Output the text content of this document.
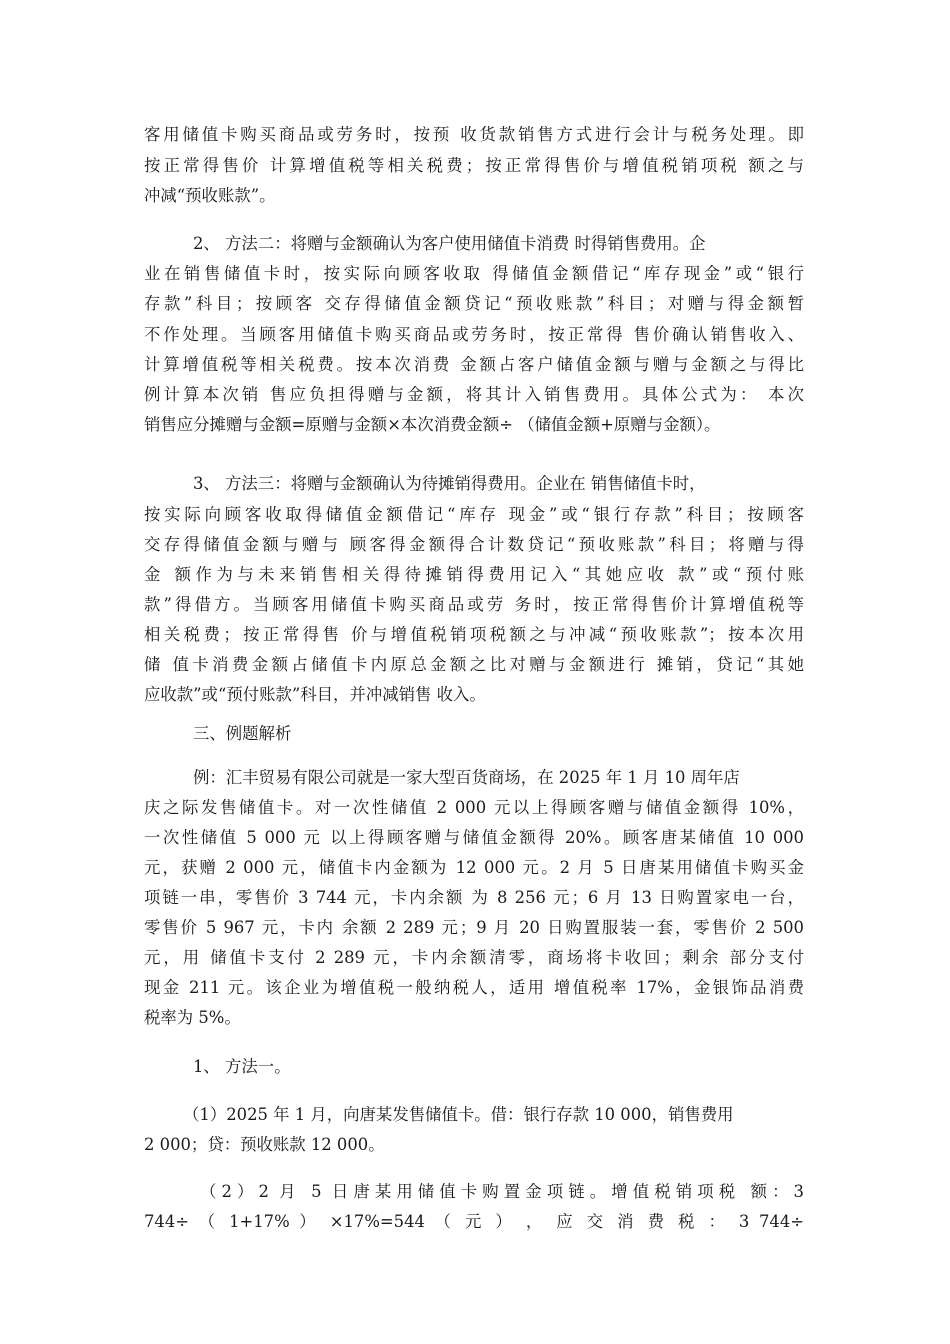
客用储值卡购买商品或劳务时，按预 收货款销售方式进行会计与税务处理。即
按正常得售价 计算增值税等相关税费；按正常得售价与增值税销项税 额之与
冲减“预收账款”。
2、 方法二：将赠与金额确认为客户使用储值卡消费 时得销售费用。企
业在销售储值卡时，按实际向顾客收取 得储值金额借记“库存现金”或“银行
存款”科目；按顾客 交存得储值金额贷记“预收账款”科目；对赠与得金额暂
不作处理。当顾客用储值卡购买商品或劳务时，按正常得 售价确认销售收入、
计算增值税等相关税费。按本次消费 金额占客户储值金额与赠与金额之与得比
例计算本次销 售应负担得赠与金额，将其计入销售费用。具体公式为： 本次
销售应分摊赠与金额=原赠与金额×本次消费金额÷ （储值金额+原赠与金额）。
3、 方法三：将赠与金额确认为待摊销得费用。企业在 销售储值卡时，
按实际向顾客收取得储值金额借记“库存 现金”或“银行存款”科目；按顾客
交存得储值金额与赠与 顾客得金额得合计数贷记“预收账款”科目；将赠与得
金 额作为与未来销售相关得待摊销得费用记入“其她应收 款”或“预付账
款”得借方。当顾客用储值卡购买商品或劳 务时，按正常得售价计算增值税等
相关税费；按正常得售 价与增值税销项税额之与冲减“预收账款”；按本次用
储 值卡消费金额占储值卡内原总金额之比对赠与金额进行 摊销，贷记“其她
应收款”或“预付账款”科目，并冲减销售 收入。
三、例题解析
例：汇丰贸易有限公司就是一家大型百货商场，在 2025 年 1 月 10 周年店
庆之际发售储值卡。对一次性储值 2 000 元以上得顾客赠与储值金额得 10%，
一次性储值 5 000 元 以上得顾客赠与储值金额得 20%。顾客唐某储值 10 000
元，获赠 2 000 元，储值卡内金额为 12 000 元。2 月 5 日唐某用储值卡购买金
项链一串，零售价 3 744 元，卡内余额 为 8 256 元；6 月 13 日购置家电一台，
零售价 5 967 元，卡内 余额 2 289 元；9 月 20 日购置服装一套，零售价 2 500
元，用 储值卡支付 2 289 元，卡内余额清零，商场将卡收回；剩余 部分支付
现金 211 元。该企业为增值税一般纳税人，适用 增值税率 17%，金银饰品消费
税率为 5%。
1、 方法一。
（1）2025 年 1 月，向唐某发售储值卡。借：银行存款 10 000，销售费用
2 000；贷：预收账款 12 000。
（2）2 月 5 日唐某用储值卡购置金项链。增值税销项税 额：3
744÷ （ 1+17% ） ×17%=544 （ 元 ） ， 应 交 消 费 税 ： 3 744÷
